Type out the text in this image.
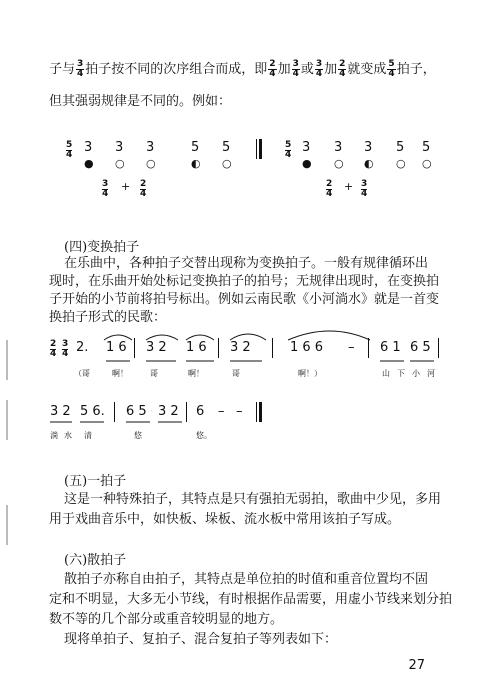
子与 $\frac{3}{4}$ 拍子按不同的次序组合而成，即 $\frac{2}{4}$ 加 $\frac{3}{4}$ 或 $\frac{3}{4}$ 加 $\frac{2}{4}$ 就变成 $\frac{5}{4}$ 拍子，
但其强弱规律是不同的。例如：
$\frac{5}{4} 3$ 3 3	5 5
● ○ ○	◐ ○
$\frac{3}{4} + \frac{2}{4}$
$\frac{5}{4} 3$ 3 3 5 5
● ○ ◐ ○ ○
$\frac{2}{4} + \frac{3}{4}$
(四)变换拍子
在乐曲中，各种拍子交替出现称为变换拍子。一般有规律循环出
现时，在乐曲开始处标记变换拍子的拍号；无规律出现时，在变换拍
子开始的小节前将拍号标出。例如云南民歌《小河淌水》就是一首变
换拍子形式的民歌：
2
4
3
4 2. 1 6 3 2 1 6 3 2	1 6 6 – 6 1 6 5
（哥	啊！	哥	啊！	哥	啊！）	山 下 小 河
3 2 5 6. 6 5 3 2 6 – –
淌 水 清	悠	悠。
(五)一拍子
这是一种特殊拍子，其特点是只有强拍无弱拍，歌曲中少见，多用
用于戏曲音乐中，如快板、垛板、流水板中常用该拍子写成。
(六)散拍子
散拍子亦称自由拍子，其特点是单位拍的时值和重音位置均不固
定和不明显，大多无小节线，有时根据作品需要，用虚小节线来划分拍
数不等的几个部分或重音较明显的地方。
现将单拍子、复拍子、混合复拍子等列表如下：
27
